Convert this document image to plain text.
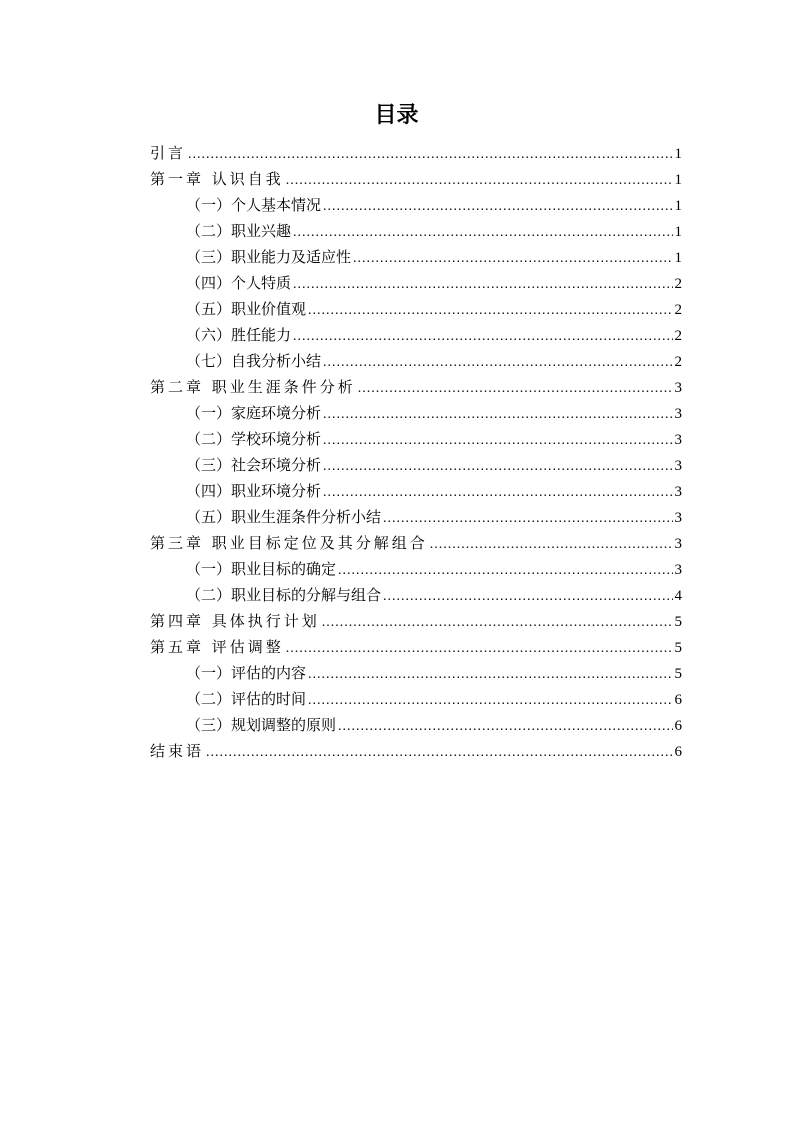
目录
引言 .....	1
第一章 认识自我 .....	1
（一）个人基本情况 .....	1
（二）职业兴趣 .....	1
（三）职业能力及适应性 .....	1
（四）个人特质 .....	2
（五）职业价值观 .....	2
（六）胜任能力 .....	2
（七）自我分析小结 .....	2
第二章 职业生涯条件分析 .....	3
（一）家庭环境分析 .....	3
（二）学校环境分析 .....	3
（三）社会环境分析 .....	3
（四）职业环境分析 .....	3
（五）职业生涯条件分析小结 .....	3
第三章 职业目标定位及其分解组合 .....	3
（一）职业目标的确定 .....	3
（二）职业目标的分解与组合 .....	4
第四章 具体执行计划 .....	5
第五章 评估调整 .....	5
（一）评估的内容 .....	5
（二）评估的时间 .....	6
（三）规划调整的原则 .....	6
结束语 .....	6
